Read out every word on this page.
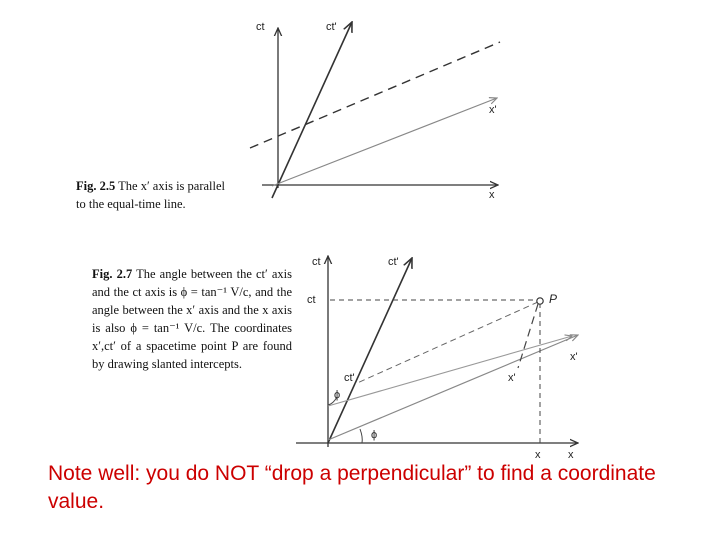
ct	ct'
x'
x
ct	ct'
ct	P
x'
ct'	x'
ϕ
ϕ
x
x
Fig. 2.5 The x′ axis is parallel to the equal-time line.
Fig. 2.7 The angle between the ct′ axis and the ct axis is ϕ = tan⁻¹ V/c, and the angle between the x′ axis and the x axis is also ϕ = tan⁻¹ V/c. The coordinates x′,ct′ of a spacetime point P are found by drawing slanted intercepts.
Note well: you do NOT “drop a perpendicular” to find a coordinate value.
